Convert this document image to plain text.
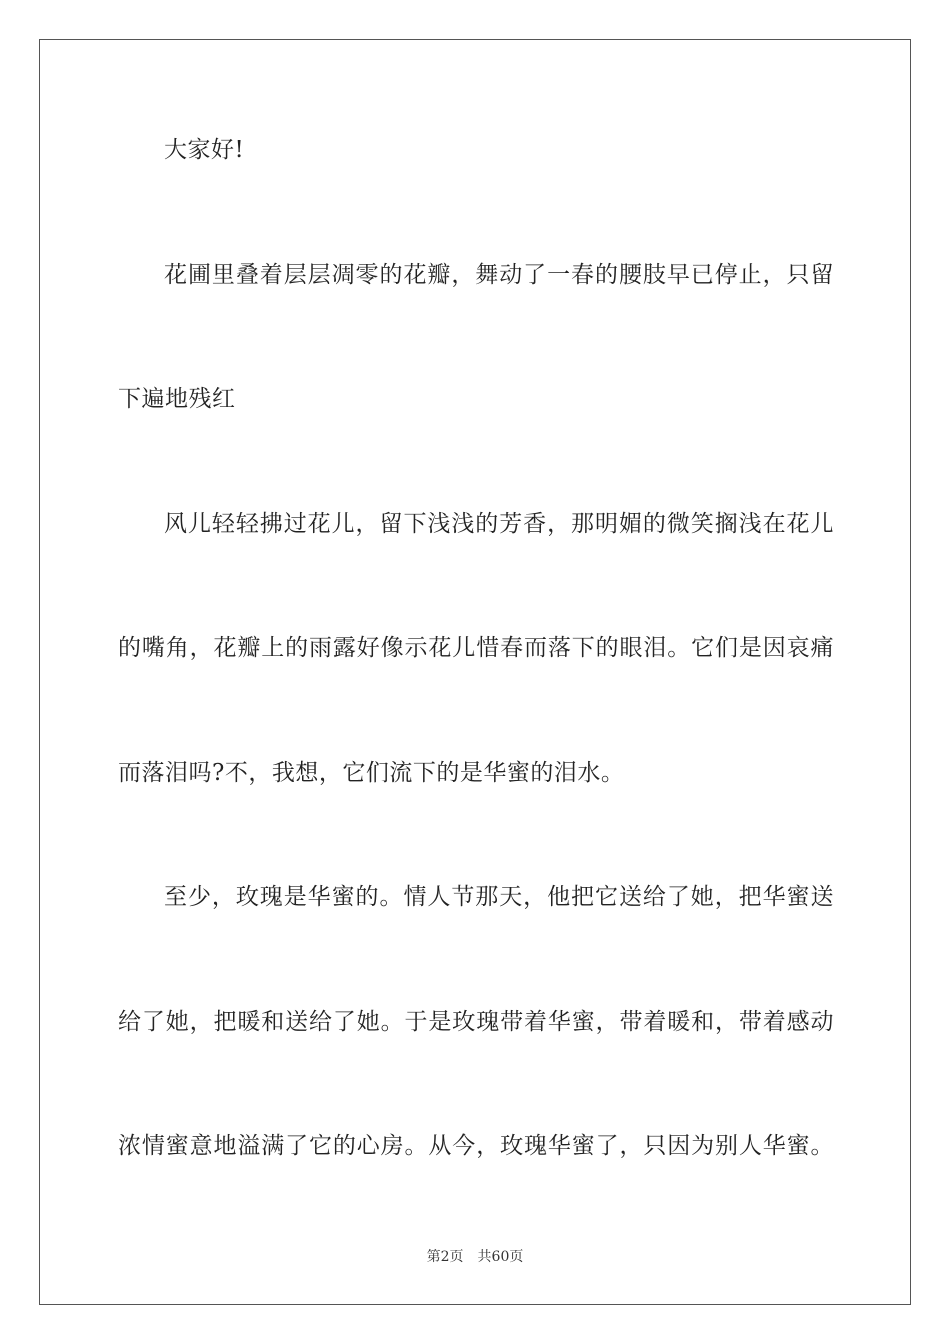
大家好!
花圃里叠着层层凋零的花瓣，舞动了一春的腰肢早已停止，只留
下遍地残红
风儿轻轻拂过花儿，留下浅浅的芳香，那明媚的微笑搁浅在花儿
的嘴角，花瓣上的雨露好像示花儿惜春而落下的眼泪。它们是因哀痛
而落泪吗?不，我想，它们流下的是华蜜的泪水。
至少，玫瑰是华蜜的。情人节那天，他把它送给了她，把华蜜送
给了她，把暖和送给了她。于是玫瑰带着华蜜，带着暖和，带着感动
浓情蜜意地溢满了它的心房。从今，玫瑰华蜜了，只因为别人华蜜。
第2页 共60页
